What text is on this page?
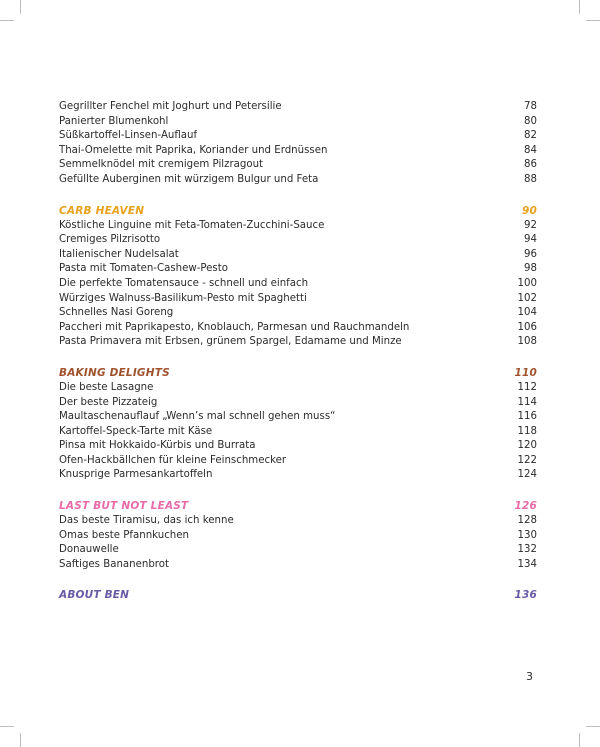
Gegrillter Fenchel mit Joghurt und Petersilie	78
Panierter Blumenkohl	80
Süßkartoffel-Linsen-Auflauf	82
Thai-Omelette mit Paprika, Koriander und Erdnüssen	84
Semmelknödel mit cremigem Pilzragout	86
Gefüllte Auberginen mit würzigem Bulgur und Feta	88
CARB HEAVEN	90
Köstliche Linguine mit Feta-Tomaten-Zucchini-Sauce	92
Cremiges Pilzrisotto	94
Italienischer Nudelsalat	96
Pasta mit Tomaten-Cashew-Pesto	98
Die perfekte Tomatensauce - schnell und einfach	100
Würziges Walnuss-Basilikum-Pesto mit Spaghetti	102
Schnelles Nasi Goreng	104
Paccheri mit Paprikapesto, Knoblauch, Parmesan und Rauchmandeln	106
Pasta Primavera mit Erbsen, grünem Spargel, Edamame und Minze	108
BAKING DELIGHTS	110
Die beste Lasagne	112
Der beste Pizzateig	114
Maultaschenauflauf „Wenn’s mal schnell gehen muss“	116
Kartoffel-Speck-Tarte mit Käse	118
Pinsa mit Hokkaido-Kürbis und Burrata	120
Ofen-Hackbällchen für kleine Feinschmecker	122
Knusprige Parmesankartoffeln	124
LAST BUT NOT LEAST	126
Das beste Tiramisu, das ich kenne	128
Omas beste Pfannkuchen	130
Donauwelle	132
Saftiges Bananenbrot	134
ABOUT BEN	136
3
